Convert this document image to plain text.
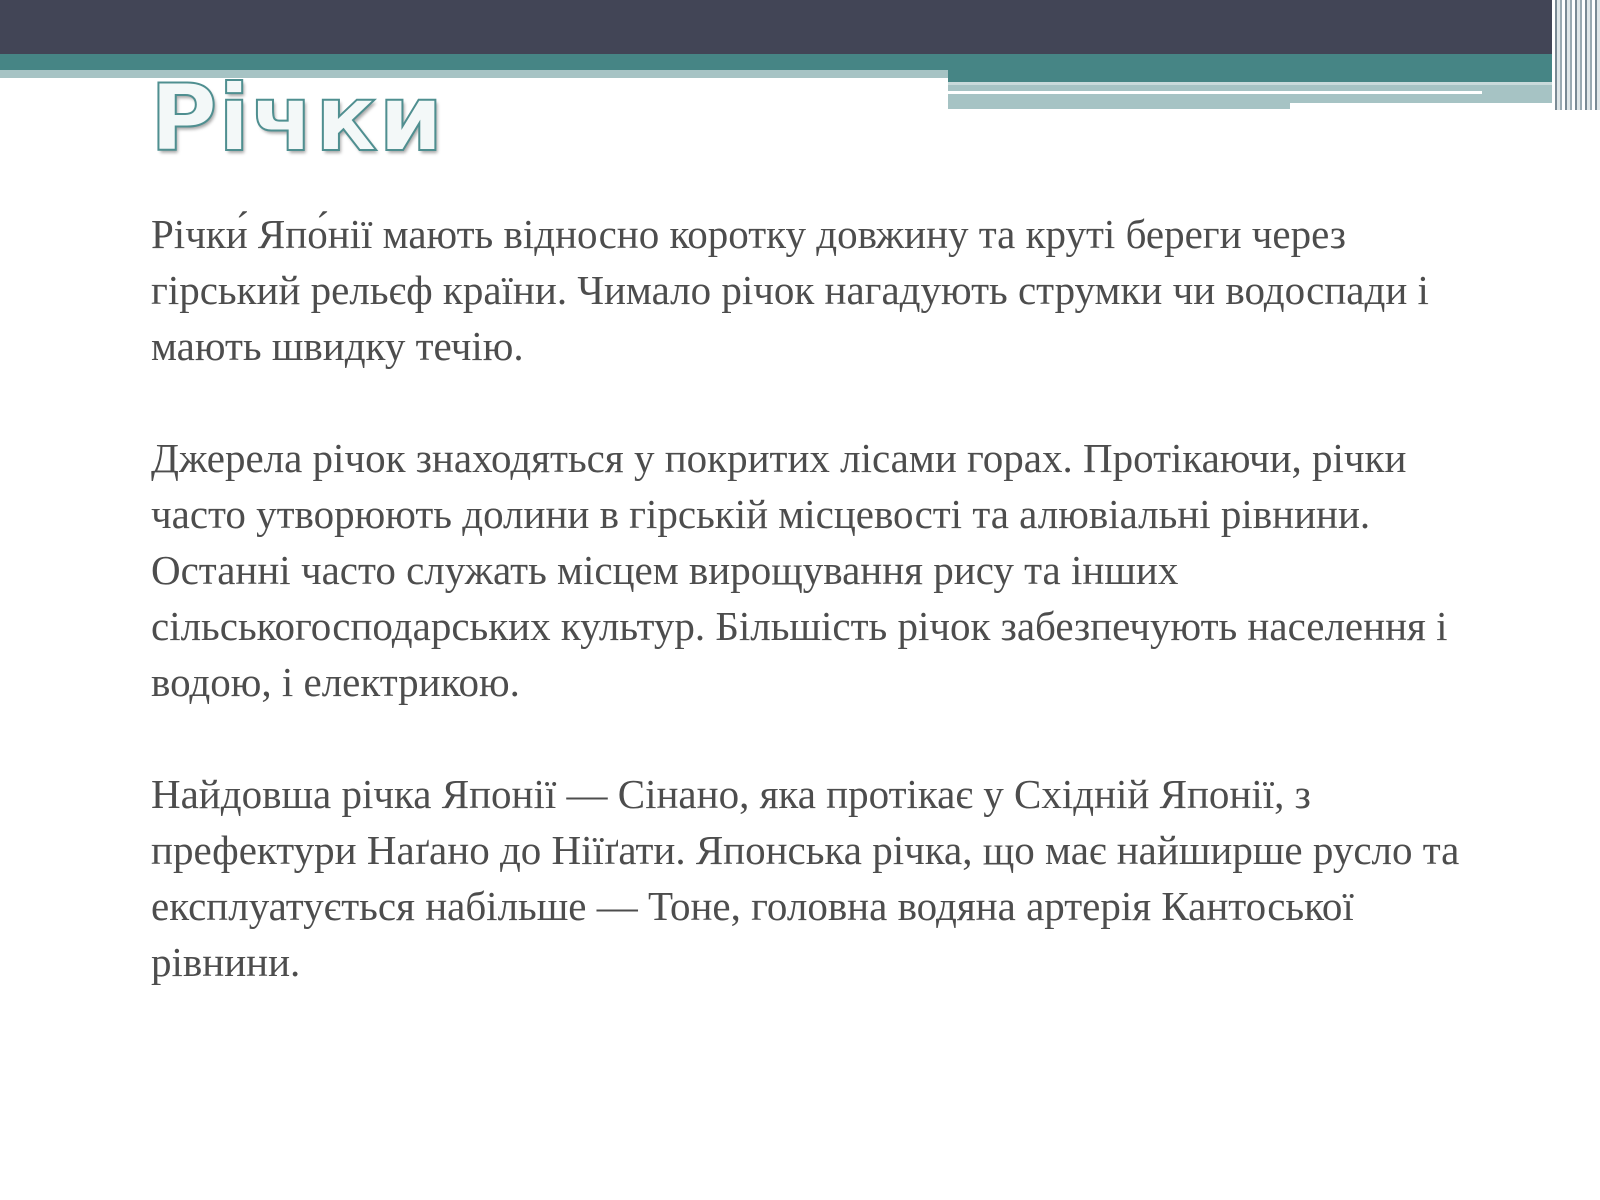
Річки

Річки́ Япо́нії мають відносно коротку довжину та круті береги через гірський рельєф країни. Чимало річок нагадують струмки чи водоспади і мають швидку течію.

Джерела річок знаходяться у покритих лісами горах. Протікаючи, річки часто утворюють долини в гірській місцевості та алювіальні рівнини. Останні часто служать місцем вирощування рису та інших сільськогосподарських культур. Більшість річок забезпечують населення і водою, і електрикою.

Найдовша річка Японії — Сінано, яка протікає у Східній Японії, з префектури Наґано до Ніїґати. Японська річка, що має найширше русло та експлуатується набільше — Тоне, головна водяна артерія Кантоської рівнини.
